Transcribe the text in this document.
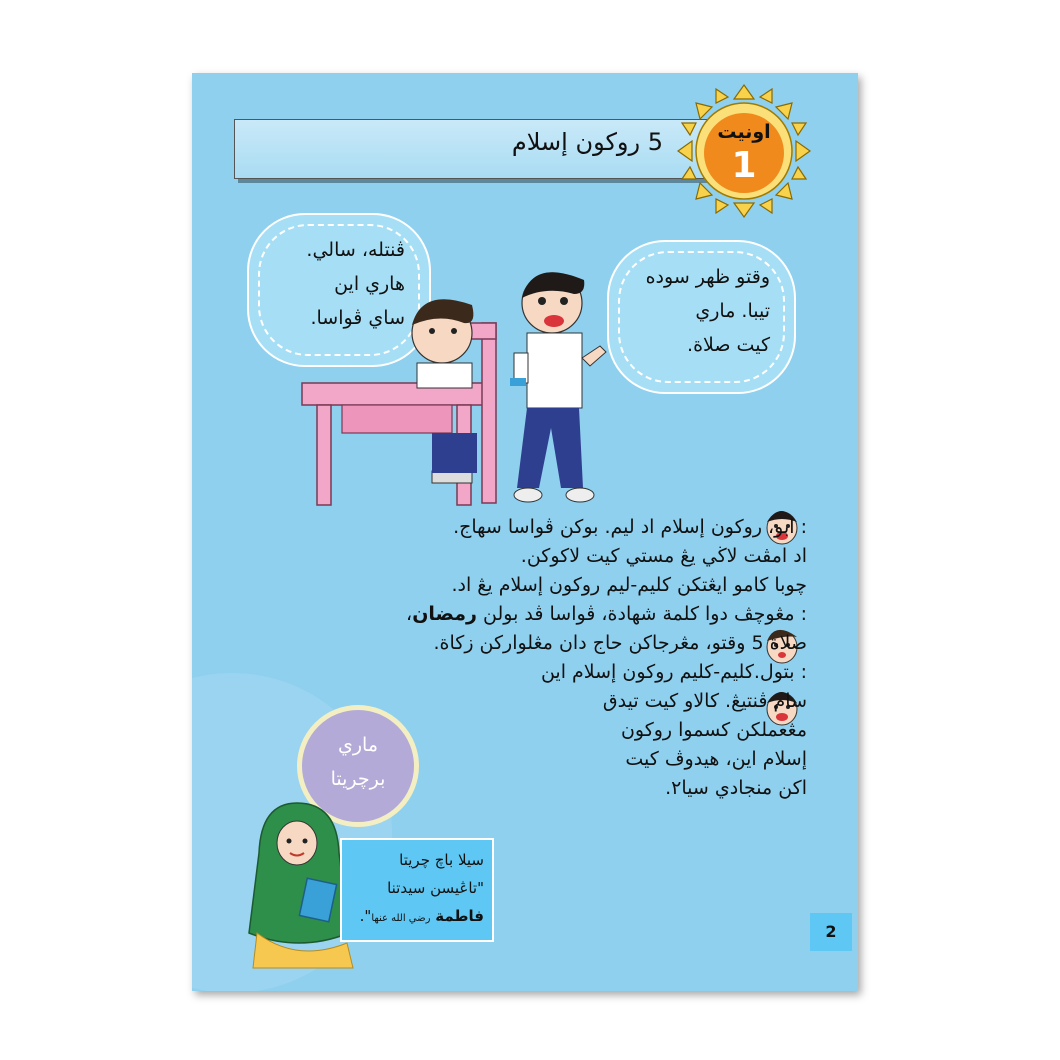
5 روكون إسلام	اونيت
1
ڤنتله، سالي.
هاري اين
ساي ڤواسا.
وقتو ظهر سوده
تيبا. ماري
كيت صلاة.
: ابو، روكون إسلام اد ليم. بوكن ڤواسا سهاج.
اد امڤت لاڬي يڠ مستي كيت لاكوكن.
چوبا كامو ايڠتكن كليم-ليم روكون إسلام يڠ اد.
: مڠوچڤ دوا كلمة شهادة، ڤواسا ڤد بولن رمضان،
صلاة 5 وقتو، مڠرجاكن حاج دان مڠلواركن زكاة.
: بتول.كليم-كليم روكون إسلام اين
سام ڤنتيڠ. كالاو كيت تيدق
مڠعملكن كسموا روكون
إسلام اين، هيدوڤ كيت
اكن منجادي سيا٢.
ماري
برچريتا
سيلا باچ چريتا
"تاڠيسن سيدتنا
فاطمة رضي الله عنها".
2
